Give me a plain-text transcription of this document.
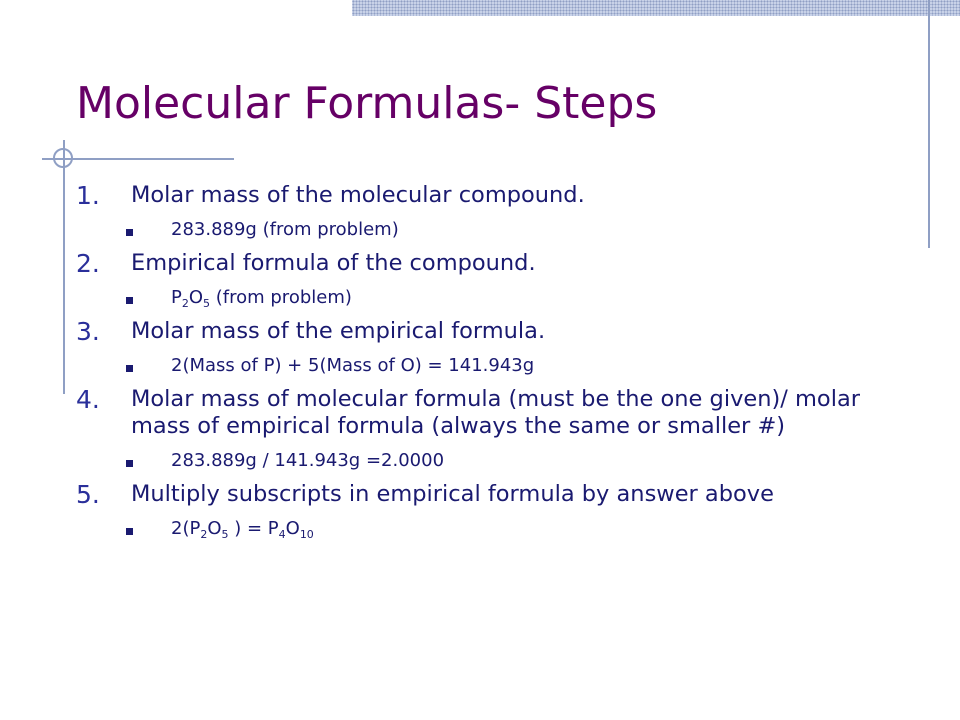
Molecular Formulas- Steps
1. Molar mass of the molecular compound.
283.889g (from problem)
2. Empirical formula of the compound.
$P_2O_5$ (from problem)
3. Molar mass of the empirical formula.
2(Mass of P) + 5(Mass of O) = 141.943g
4. Molar mass of molecular formula (must be the one given)/ molar mass of empirical formula (always the same or smaller #)
283.889g / 141.943g =2.0000
5. Multiply subscripts in empirical formula by answer above
$2(P_2O_5$ ) = $P_4O_{10}$
